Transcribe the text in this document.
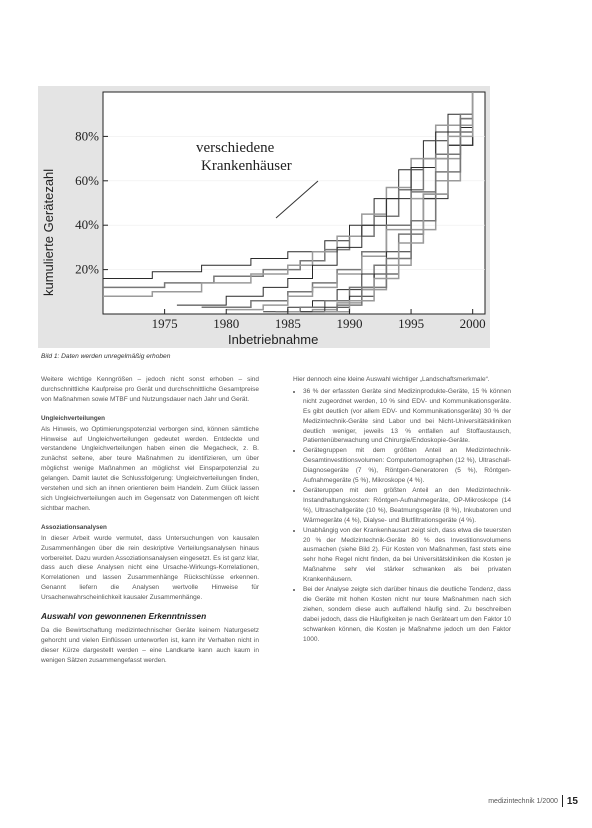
1975	1980	1985	1990	1995	2000
20%
40%
60%
80%
verschiedene Krankenhäuser
kumulierte Gerätezahl
Inbetriebnahme
Bild 1: Daten werden unregelmäßig erhoben

Weitere wichtige Kenngrößen – jedoch nicht sonst erhoben – sind durchschnittliche Kaufpreise pro Gerät und durchschnittliche Gesamtpreise von Maßnahmen sowie MTBF und Nutzungsdauer nach Jahr und Gerät.

Ungleichverteilungen

Als Hinweis, wo Optimierungspotenzial verborgen sind, können sämtliche Hinweise auf Ungleichverteilungen gedeutet werden. Entdeckte und verstandene Ungleichverteilungen haben einen die Megacheck, z. B. zunächst seltene, aber teure Maßnahmen zu identifizieren, um über möglichst wenige Maßnahmen an möglichst viel Einsparpotenzial zu gelangen. Damit lautet die Schlussfolgerung: Ungleichverteilungen finden, verstehen und sich an ihnen orientieren beim Handeln. Zum Glück lassen sich Ungleichverteilungen auch im Gegensatz von Datenmengen oft leicht sichtbar machen.

Assoziationsanalysen

In dieser Arbeit wurde vermutet, dass Untersuchungen von kausalen Zusammenhängen über die rein deskriptive Verteilungsanalysen hinaus vorbereitet. Dazu wurden Assoziationsanalysen eingesetzt. Es ist ganz klar, dass auch diese Analysen nicht eine Ursache-Wirkungs-Korrelationen, Korrelationen und lassen Zusammenhänge Rückschlüsse erkennen. Genannt liefern die Analysen wertvolle Hinweise für Ursachenwahrscheinlichkeit kausaler Zusammenhänge.

Auswahl von gewonnenen Erkenntnissen

Da die Bewirtschaftung medizintechnischer Geräte keinem Naturgesetz gehorcht und vielen Einflüssen unterworfen ist, kann ihr Verhalten nicht in dieser Kürze dargestellt werden – eine Landkarte kann auch kaum in wenigen Sätzen zusammengefasst werden.

Hier dennoch eine kleine Auswahl wichtiger „Landschaftsmerkmale“.

• 36 % der erfassten Geräte sind Medizinprodukte-Geräte, 15 % können nicht zugeordnet werden, 10 % sind EDV- und Kommunikationsgeräte. Es gibt deutlich (vor allem EDV- und Kommunikationsgeräte) 30 % der Medizintechnik-Geräte sind Labor und bei Nicht-Universitätskliniken deutlich weniger, jeweils 13 % entfallen auf Stoffaustausch, Patientenüberwachung und Chirurgie/Endoskopie-Geräte.
• Gerätegruppen mit dem größten Anteil an Medizintechnik-Gesamtinvestitionsvolumen: Computertomographen (12 %), Ultraschall-Diagnosegeräte (7 %), Röntgen-Generatoren (5 %), Röntgen-Aufnahmegeräte (5 %), Mikroskope (4 %).
• Geräteruppen mit dem größten Anteil an den Medizintechnik-Instandhaltungskosten: Röntgen-Aufnahmegeräte, OP-Mikroskope (14 %), Ultraschallgeräte (10 %), Beatmungsgeräte (8 %), Inkubatoren und Wärmegeräte (4 %), Dialyse- und Blutfiltrationsgeräte (4 %).
• Unabhängig von der Krankenhausart zeigt sich, dass etwa die teuersten 20 % der Medizintechnik-Geräte 80 % des Investitionsvolumens ausmachen (siehe Bild 2). Für Kosten von Maßnahmen, fast stets eine sehr hohe Regel nicht finden, da bei Universitätskliniken die Kosten je Maßnahme sehr viel stärker schwanken als bei privaten Krankenhäusern.
• Bei der Analyse zeigte sich darüber hinaus die deutliche Tendenz, dass die Geräte mit hohen Kosten nicht nur teure Maßnahmen nach sich ziehen, sondern diese auch auffallend häufig sind. Zu beschreiben dabei jedoch, dass die Häufigkeiten je nach Geräteart um den Faktor 10 schwanken können, die Kosten je Maßnahme jedoch um den Faktor 1000.
medizintechnik 1/2000 15
